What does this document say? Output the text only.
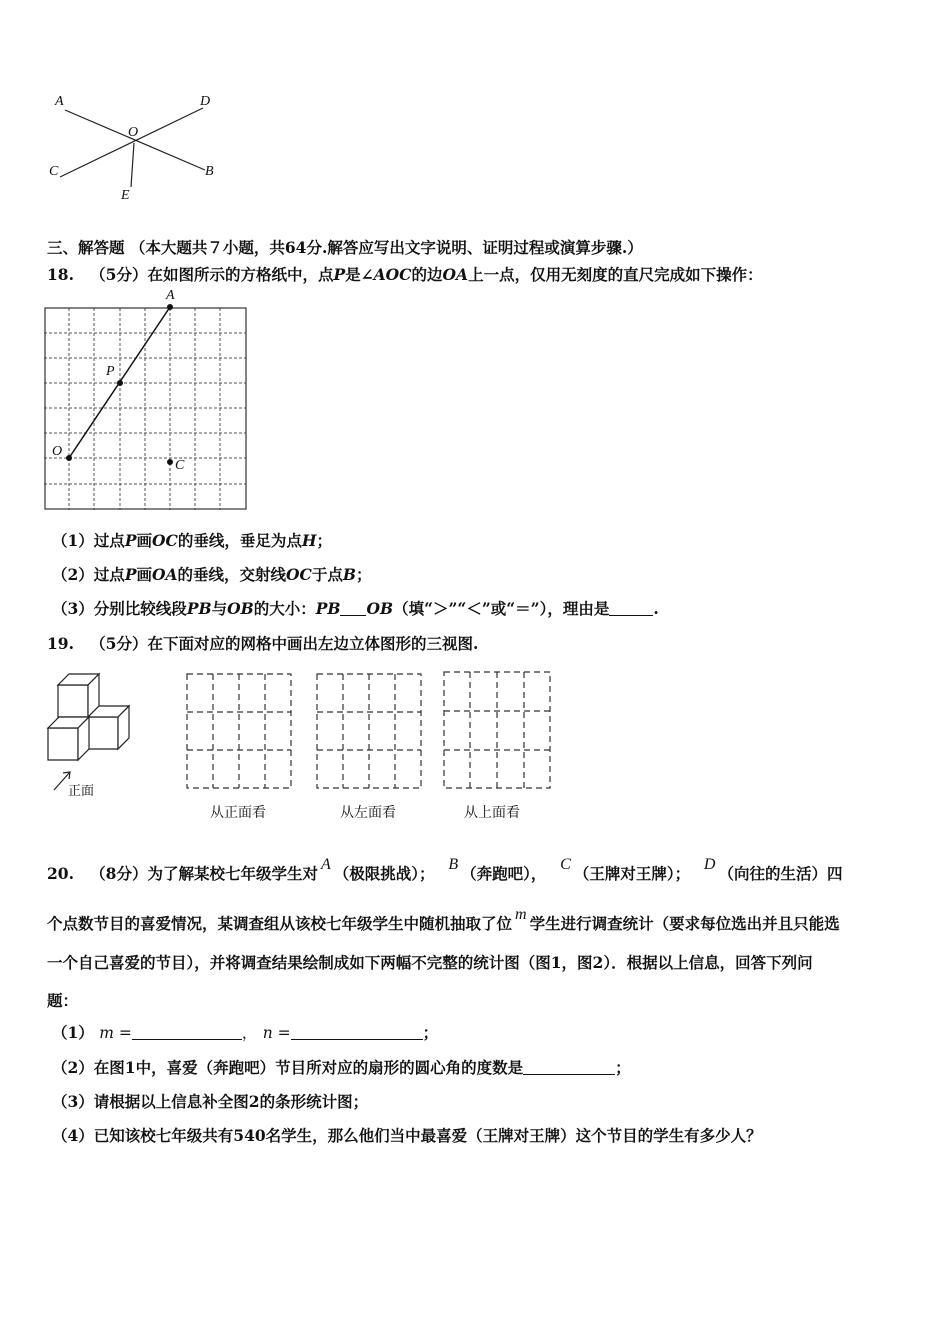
A	D
O
C	B
E
三、解答题 （本大题共７小题，共64分.解答应写出文字说明、证明过程或演算步骤.）
18. （5分）在如图所示的方格纸中，点P是∠AOC的边OA上一点，仅用无刻度的直尺完成如下操作：
A
P
O
C
（1）过点P画OC的垂线，垂足为点H；
（2）过点P画OA的垂线，交射线OC于点B；
（3）分别比较线段PB与OB的大小：PB OB（填“＞”“＜”或“＝”），理由是	.
19. （5分）在下面对应的网格中画出左边立体图形的三视图.
正面
从正面看	从左面看	从上面看
20. （8分）为了解某校七年级学生对 A （极限挑战）； B （奔跑吧）， C （王牌对王牌）； D （向往的生活）四
个点数节目的喜爱情况，某调查组从该校七年级学生中随机抽取了位 m 学生进行调查统计（要求每位选出并且只能选
一个自己喜爱的节目），并将调查结果绘制成如下两幅不完整的统计图（图1，图2）．根据以上信息，回答下列问
题：
（1） m =	， n =	；
（2）在图1中，喜爱（奔跑吧）节目所对应的扇形的圆心角的度数是	；
（3）请根据以上信息补全图2的条形统计图；
（4）已知该校七年级共有540名学生，那么他们当中最喜爱（王牌对王牌）这个节目的学生有多少人？
